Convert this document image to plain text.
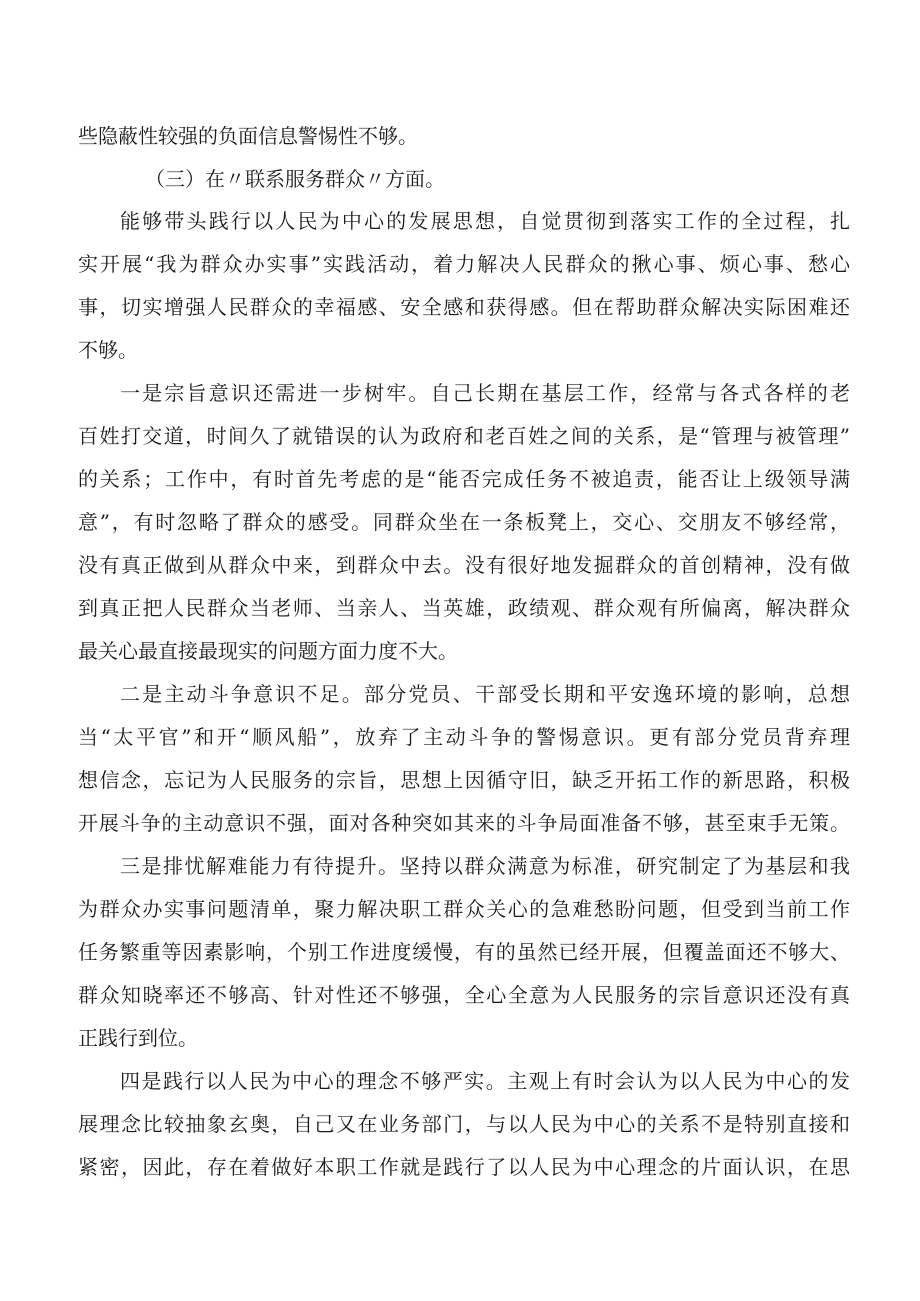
些隐蔽性较强的负面信息警惕性不够。
（三）在〃联系服务群众〃方面。
能够带头践行以人民为中心的发展思想，自觉贯彻到落实工作的全过程，扎
实开展“我为群众办实事”实践活动，着力解决人民群众的揪心事、烦心事、愁心
事，切实增强人民群众的幸福感、安全感和获得感。但在帮助群众解决实际困难还
不够。
一是宗旨意识还需进一步树牢。自己长期在基层工作，经常与各式各样的老
百姓打交道，时间久了就错误的认为政府和老百姓之间的关系，是“管理与被管理”
的关系；工作中，有时首先考虑的是“能否完成任务不被追责，能否让上级领导满
意”，有时忽略了群众的感受。同群众坐在一条板凳上，交心、交朋友不够经常，
没有真正做到从群众中来，到群众中去。没有很好地发掘群众的首创精神，没有做
到真正把人民群众当老师、当亲人、当英雄，政绩观、群众观有所偏离，解决群众
最关心最直接最现实的问题方面力度不大。
二是主动斗争意识不足。部分党员、干部受长期和平安逸环境的影响，总想
当“太平官”和开“顺风船”，放弃了主动斗争的警惕意识。更有部分党员背弃理
想信念，忘记为人民服务的宗旨，思想上因循守旧，缺乏开拓工作的新思路，积极
开展斗争的主动意识不强，面对各种突如其来的斗争局面准备不够，甚至束手无策。
三是排忧解难能力有待提升。坚持以群众满意为标准，研究制定了为基层和我
为群众办实事问题清单，聚力解决职工群众关心的急难愁盼问题，但受到当前工作
任务繁重等因素影响，个别工作进度缓慢，有的虽然已经开展，但覆盖面还不够大、
群众知晓率还不够高、针对性还不够强，全心全意为人民服务的宗旨意识还没有真
正践行到位。
四是践行以人民为中心的理念不够严实。主观上有时会认为以人民为中心的发
展理念比较抽象玄奥，自己又在业务部门，与以人民为中心的关系不是特别直接和
紧密，因此，存在着做好本职工作就是践行了以人民为中心理念的片面认识，在思
